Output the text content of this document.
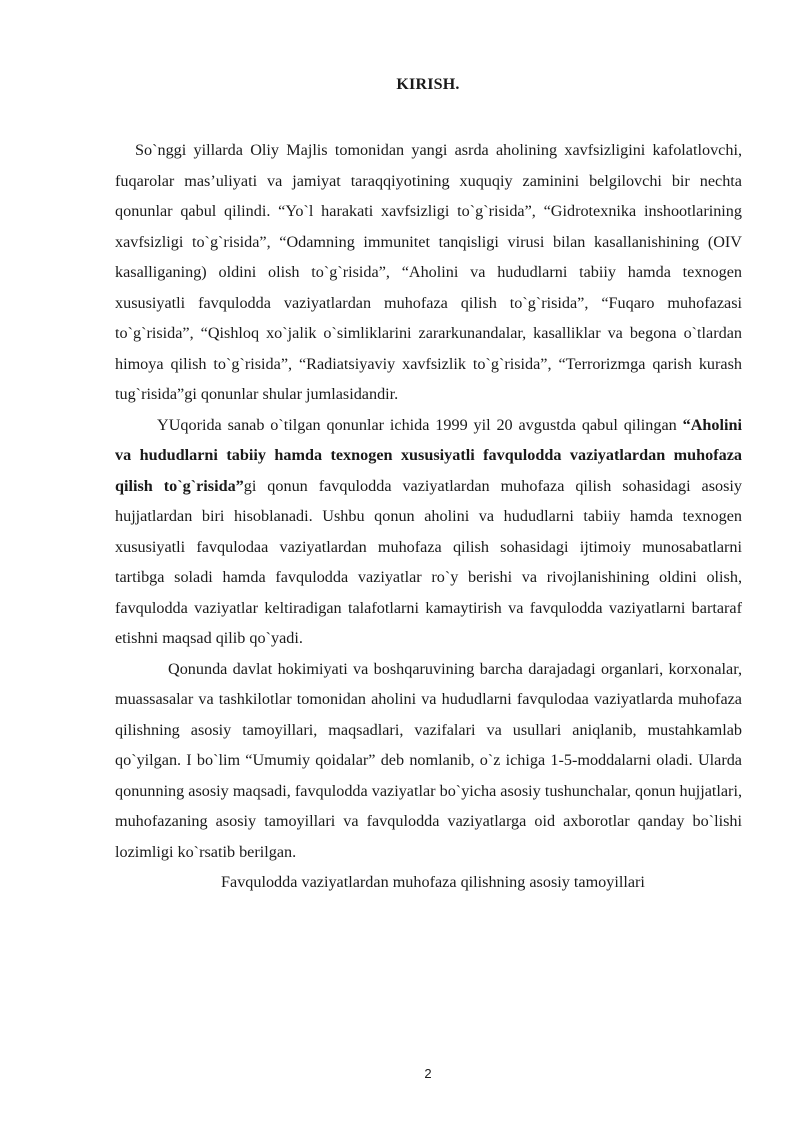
KIRISH.

So`nggi yillarda Oliy Majlis tomonidan yangi asrda aholining xavfsizligini kafolatlovchi, fuqarolar mas’uliyati va jamiyat taraqqiyotining xuquqiy zaminini belgilovchi bir nechta qonunlar qabul qilindi. “Yo`l harakati xavfsizligi to`g`risida”, “Gidrotexnika inshootlarining xavfsizligi to`g`risida”, “Odamning immunitet tanqisligi virusi bilan kasallanishining (OIV kasalliganing) oldini olish to`g`risida”, “Aholini va hududlarni tabiiy hamda texnogen xususiyatli favqulodda vaziyatlardan muhofaza qilish to`g`risida”, “Fuqaro muhofazasi to`g`risida”, “Qishloq xo`jalik o`simliklarini zararkunandalar, kasalliklar va begona o`tlardan himoya qilish to`g`risida”, “Radiatsiyaviy xavfsizlik to`g`risida”, “Terrorizmga qarish kurash tug`risida”gi qonunlar shular jumlasidandir.

YUqorida sanab o`tilgan qonunlar ichida 1999 yil 20 avgustda qabul qilingan “Aholini va hududlarni tabiiy hamda texnogen xususiyatli favqulodda vaziyatlardan muhofaza qilish to`g`risida”gi qonun favqulodda vaziyatlardan muhofaza qilish sohasidagi asosiy hujjatlardan biri hisoblanadi. Ushbu qonun aholini va hududlarni tabiiy hamda texnogen xususiyatli favqulodaa vaziyatlardan muhofaza qilish sohasidagi ijtimoiy munosabatlarni tartibga soladi hamda favqulodda vaziyatlar ro`y berishi va rivojlanishining oldini olish, favqulodda vaziyatlar keltiradigan talafotlarni kamaytirish va favqulodda vaziyatlarni bartaraf etishni maqsad qilib qo`yadi.

Qonunda davlat hokimiyati va boshqaruvining barcha darajadagi organlari, korxonalar, muassasalar va tashkilotlar tomonidan aholini va hududlarni favqulodaa vaziyatlarda muhofaza qilishning asosiy tamoyillari, maqsadlari, vazifalari va usullari aniqlanib, mustahkamlab qo`yilgan. I bo`lim “Umumiy qoidalar” deb nomlanib, o`z ichiga 1-5-moddalarni oladi. Ularda qonunning asosiy maqsadi, favqulodda vaziyatlar bo`yicha asosiy tushunchalar, qonun hujjatlari, muhofazaning asosiy tamoyillari va favqulodda vaziyatlarga oid axborotlar qanday bo`lishi lozimligi ko`rsatib berilgan.

Favqulodda vaziyatlardan muhofaza qilishning asosiy tamoyillari

2
